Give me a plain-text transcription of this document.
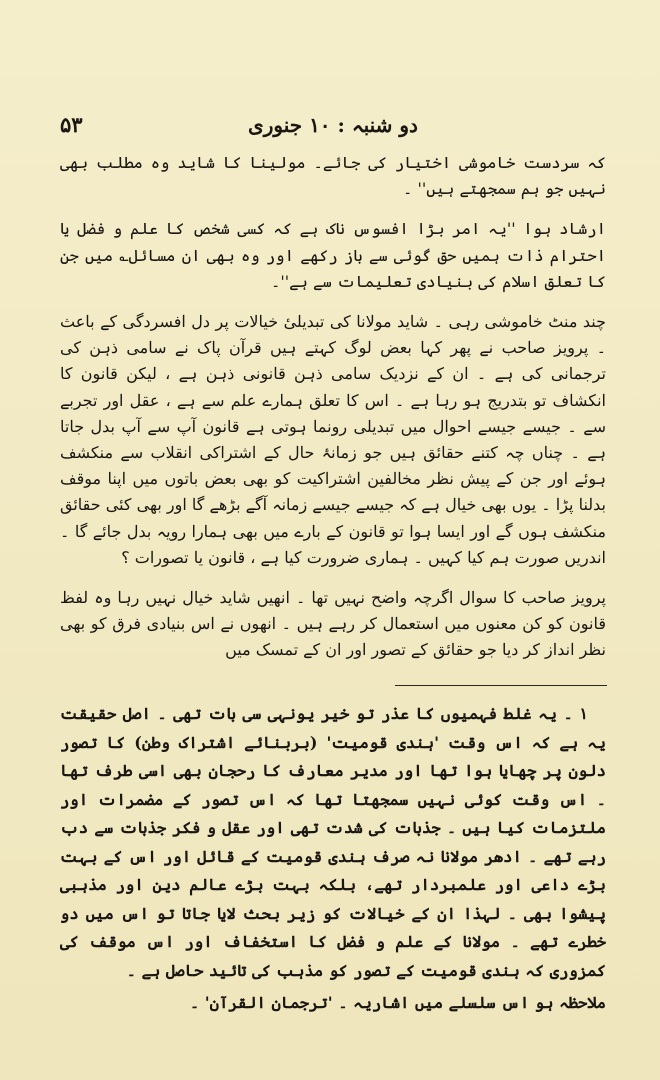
۵۳	دو شنبہ : ۱۰ جنوری

کہ سردست خاموشی اختیار کی جائے۔ مولینا کا شاید وہ مطلب بھی نہیں جو ہم سمجھتے ہیں'' ۔

ارشاد ہوا ''یہ امر بڑا افسوس ناک ہے کہ کسی شخص کا علم و فضل یا احترام ذات ہمیں حق گوئی سے باز رکھے اور وہ بھی ان مسائل؎ میں جن کا تعلق اسلام کی بنیادی تعلیمات سے ہے''۔

چند منٹ خاموشی رہی ۔ شاید مولانا کی تبدیلیٔ خیالات پر دل افسردگی کے باعث ۔ پرویز صاحب نے پھر کہا بعض لوگ کہتے ہیں قرآن پاک نے سامی ذہن کی ترجمانی کی ہے ۔ ان کے نزدیک سامی ذہن قانونی ذہن ہے ، لیکن قانون کا انکشاف تو بتدریج ہو رہا ہے ۔ اس کا تعلق ہمارے علم سے ہے ، عقل اور تجربے سے ۔ جیسے جیسے احوال میں تبدیلی رونما ہوتی ہے قانون آپ سے آپ بدل جاتا ہے ۔ چناں چہ کتنے حقائق ہیں جو زمانۂ حال کے اشتراکی انقلاب سے منکشف ہوئے اور جن کے پیش نظر مخالفین اشتراکیت کو بھی بعض باتوں میں اپنا موقف بدلنا پڑا ۔ یوں بھی خیال ہے کہ جیسے جیسے زمانہ آگے بڑھے گا اور بھی کئی حقائق منکشف ہوں گے اور ایسا ہوا تو قانون کے بارے میں بھی ہمارا رویہ بدل جائے گا ۔ اندریں صورت ہم کیا کہیں ۔ ہماری ضرورت کیا ہے ، قانون یا تصورات ؟

پرویز صاحب کا سوال اگرچہ واضح نہیں تھا ۔ انھیں شاید خیال نہیں رہا وہ لفظ قانون کو کن معنوں میں استعمال کر رہے ہیں ۔ انھوں نے اس بنیادی فرق کو بھی نظر انداز کر دیا جو حقائق کے تصور اور ان کے تمسک میں

۱ ۔ یہ غلط فہمیوں کا عذر تو خیر یونہی سی بات تھی ۔ اصل حقیقت یہ ہے کہ اس وقت 'ہندی قومیت' (بربنائے اشتراک وطن) کا تصور دلون پر چھایا ہوا تھا اور مدیر معارف کا رحجان بھی اسی طرف تھا ۔ اس وقت کوئی نہیں سمجھتا تھا کہ اس تصور کے مضمرات اور ملتزمات کیا ہیں ۔ جذبات کی شدت تھی اور عقل و فکر جذبات سے دب رہے تھے ۔ ادھر مولانا نہ صرف ہندی قومیت کے قائل اور اس کے بہت بڑے داعی اور علمبردار تھے، بلکہ بہت بڑے عالم دین اور مذہبی پیشوا بھی ۔ لہذا ان کے خیالات کو زیر بحث لایا جاتا تو اس میں دو خطرے تھے ۔ مولانا کے علم و فضل کا استخفاف اور اس موقف کی کمزوری کہ ہندی قومیت کے تصور کو مذہب کی تائید حاصل ہے ۔

ملاحظہ ہو اس سلسلے میں اشاریہ ۔ 'ترجمان القرآن' ۔
